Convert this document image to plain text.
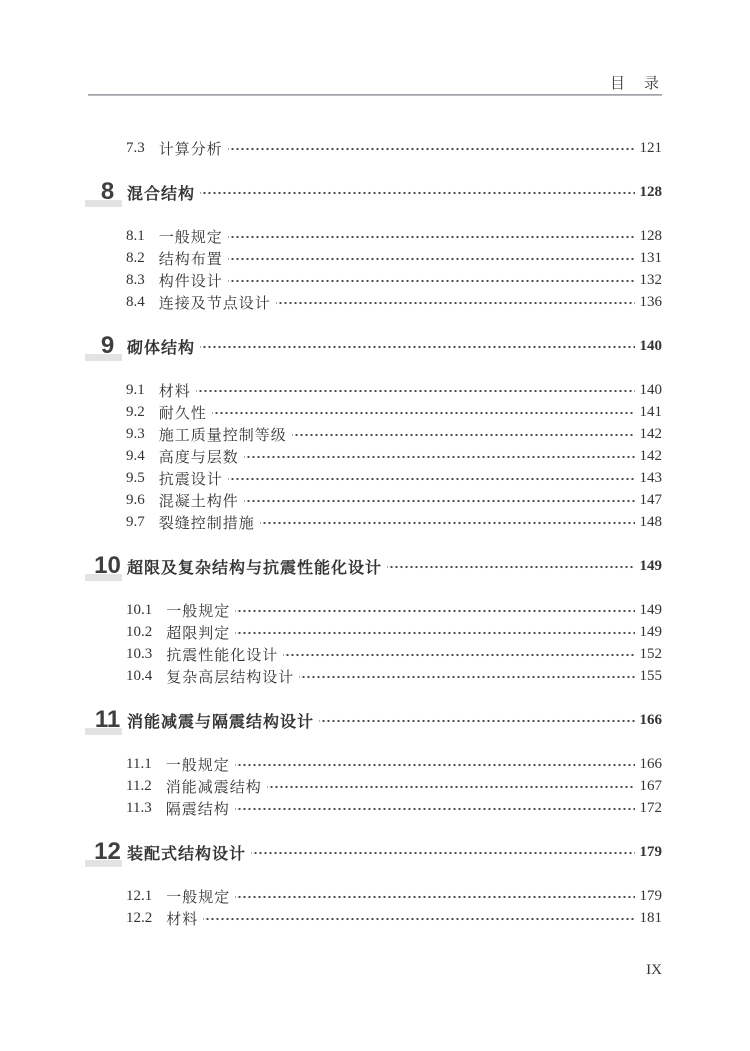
目　录
7.3 计算分析	121
8 混合结构	128
8.1 一般规定	128
8.2 结构布置	131
8.3 构件设计	132
8.4 连接及节点设计	136
9 砌体结构	140
9.1 材料	140
9.2 耐久性	141
9.3 施工质量控制等级	142
9.4 高度与层数	142
9.5 抗震设计	143
9.6 混凝土构件	147
9.7 裂缝控制措施	148
10 超限及复杂结构与抗震性能化设计	149
10.1 一般规定	149
10.2 超限判定	149
10.3 抗震性能化设计	152
10.4 复杂高层结构设计	155
11 消能减震与隔震结构设计	166
11.1 一般规定	166
11.2 消能减震结构	167
11.3 隔震结构	172
12 装配式结构设计	179
12.1 一般规定	179
12.2 材料	181
IX
